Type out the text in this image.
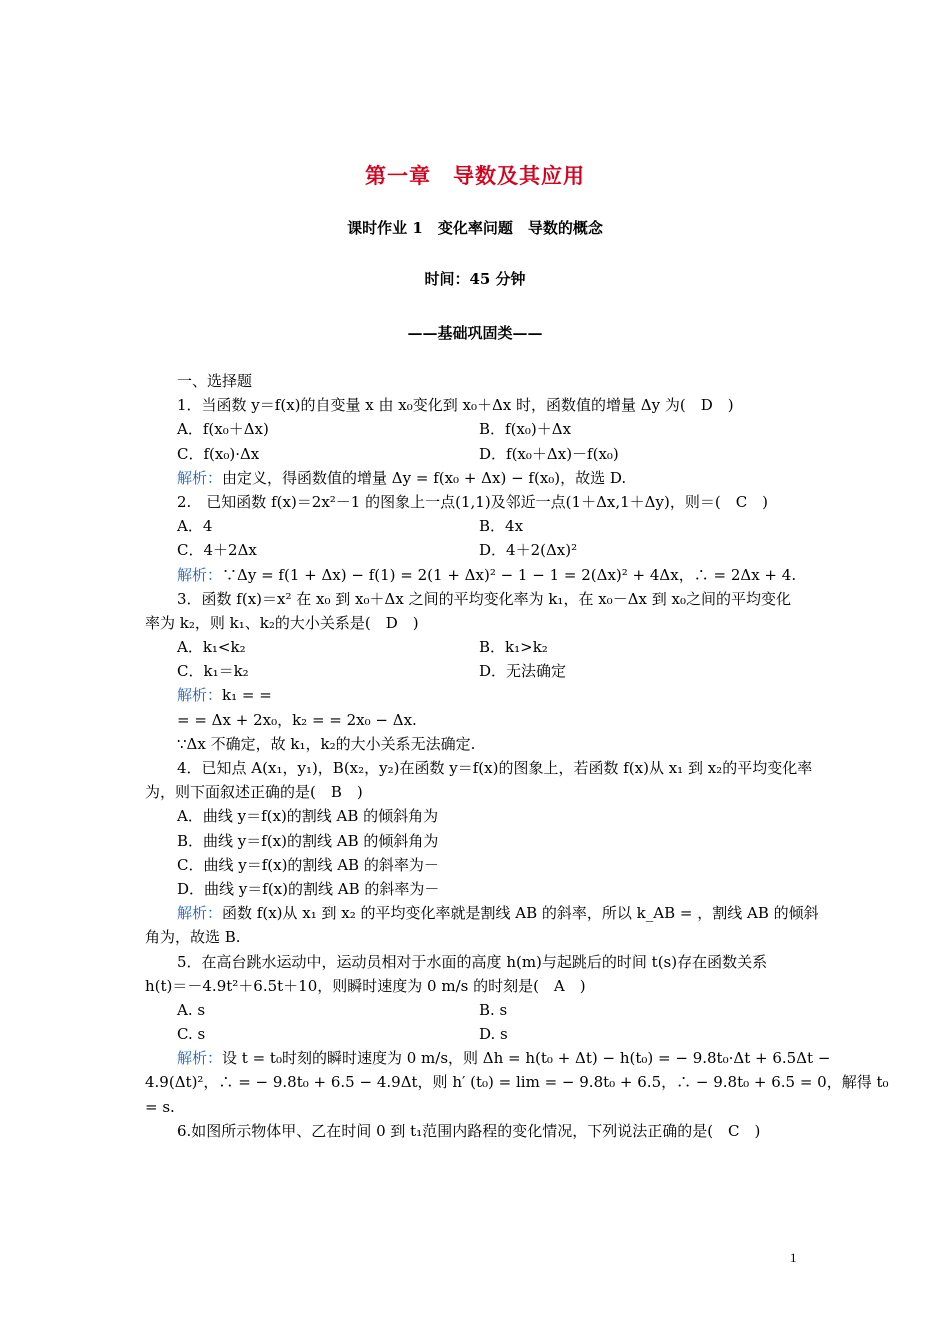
第一章　导数及其应用
课时作业 1　变化率问题　导数的概念
时间：45 分钟
——基础巩固类——
一、选择题
1．当函数 y＝f(x)的自变量 x 由 x₀变化到 x₀＋Δx 时，函数值的增量 Δy 为(　D　)
A．f(x₀＋Δx)	B．f(x₀)＋Δx
C．f(x₀)·Δx	D．f(x₀＋Δx)－f(x₀)
解析：由定义，得函数值的增量 Δy = f(x₀ + Δx) − f(x₀)，故选 D.
2.　已知函数 f(x)＝2x²－1 的图象上一点(1,1)及邻近一点(1＋Δx,1＋Δy)，则＝(　C　)
A．4	B．4x
C．4＋2Δx	D．4＋2(Δx)²
解析：∵Δy = f(1 + Δx) − f(1) = 2(1 + Δx)² − 1 − 1 = 2(Δx)² + 4Δx，∴ = 2Δx + 4.
3．函数 f(x)＝x² 在 x₀ 到 x₀＋Δx 之间的平均变化率为 k₁，在 x₀－Δx 到 x₀之间的平均变化
率为 k₂，则 k₁、k₂的大小关系是(　D　)
A．k₁<k₂	B．k₁>k₂
C．k₁＝k₂	D．无法确定
解析：k₁ = =
= = Δx + 2x₀，k₂ = = 2x₀ − Δx.
∵Δx 不确定，故 k₁，k₂的大小关系无法确定.
4．已知点 A(x₁，y₁)，B(x₂，y₂)在函数 y＝f(x)的图象上，若函数 f(x)从 x₁ 到 x₂的平均变化率
为，则下面叙述正确的是(　B　)
A．曲线 y＝f(x)的割线 AB 的倾斜角为
B．曲线 y＝f(x)的割线 AB 的倾斜角为
C．曲线 y＝f(x)的割线 AB 的斜率为－
D．曲线 y＝f(x)的割线 AB 的斜率为－
解析：函数 f(x)从 x₁ 到 x₂ 的平均变化率就是割线 AB 的斜率，所以 k_AB = ，割线 AB 的倾斜
角为，故选 B.
5．在高台跳水运动中，运动员相对于水面的高度 h(m)与起跳后的时间 t(s)存在函数关系
h(t)＝－4.9t²＋6.5t＋10，则瞬时速度为 0 m/s 的时刻是(　A　)
A. s	B. s
C. s	D. s
解析：设 t = t₀时刻的瞬时速度为 0 m/s，则 Δh = h(t₀ + Δt) − h(t₀) = − 9.8t₀·Δt + 6.5Δt −
4.9(Δt)²，∴ = − 9.8t₀ + 6.5 − 4.9Δt，则 h′ (t₀) = lim = − 9.8t₀ + 6.5，∴ − 9.8t₀ + 6.5 = 0，解得 t₀
= s.
6.如图所示物体甲、乙在时间 0 到 t₁范围内路程的变化情况，下列说法正确的是(　C　)
1
